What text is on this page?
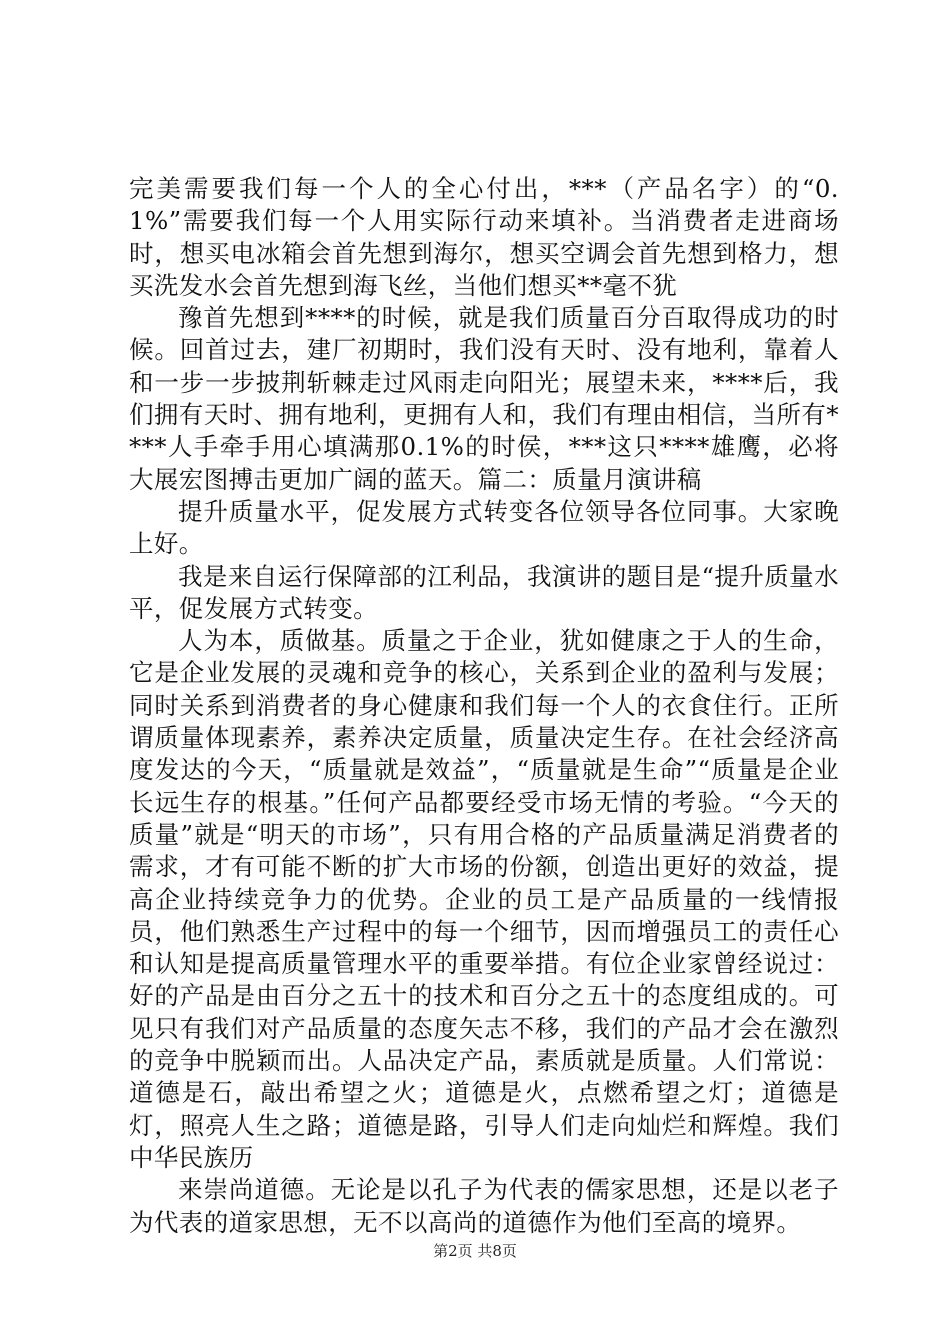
完美需要我们每一个人的全心付出，***（产品名字）的“0.1%”需要我们每一个人用实际行动来填补。当消费者走进商场时，想买电冰箱会首先想到海尔，想买空调会首先想到格力，想买洗发水会首先想到海飞丝，当他们想买**毫不犹

豫首先想到****的时候，就是我们质量百分百取得成功的时候。回首过去，建厂初期时，我们没有天时、没有地利，靠着人和一步一步披荆斩棘走过风雨走向阳光；展望未来，****后，我们拥有天时、拥有地利，更拥有人和，我们有理由相信，当所有****人手牵手用心填满那0.1%的时侯，***这只****雄鹰，必将大展宏图搏击更加广阔的蓝天。篇二：质量月演讲稿

提升质量水平，促发展方式转变各位领导各位同事。大家晚上好。

我是来自运行保障部的江利品，我演讲的题目是“提升质量水平，促发展方式转变。

人为本，质做基。质量之于企业，犹如健康之于人的生命，它是企业发展的灵魂和竞争的核心，关系到企业的盈利与发展；同时关系到消费者的身心健康和我们每一个人的衣食住行。正所谓质量体现素养，素养决定质量，质量决定生存。在社会经济高度发达的今天，“质量就是效益”，“质量就是生命”“质量是企业长远生存的根基。”任何产品都要经受市场无情的考验。“今天的质量”就是“明天的市场”，只有用合格的产品质量满足消费者的需求，才有可能不断的扩大市场的份额，创造出更好的效益，提高企业持续竞争力的优势。企业的员工是产品质量的一线情报员，他们熟悉生产过程中的每一个细节，因而增强员工的责任心和认知是提高质量管理水平的重要举措。有位企业家曾经说过：好的产品是由百分之五十的技术和百分之五十的态度组成的。可见只有我们对产品质量的态度矢志不移，我们的产品才会在激烈的竞争中脱颖而出。人品决定产品，素质就是质量。人们常说：道德是石，敲出希望之火；道德是火，点燃希望之灯；道德是灯，照亮人生之路；道德是路，引导人们走向灿烂和辉煌。我们中华民族历

来崇尚道德。无论是以孔子为代表的儒家思想，还是以老子为代表的道家思想，无不以高尚的道德作为他们至高的境界。

第2页 共8页
